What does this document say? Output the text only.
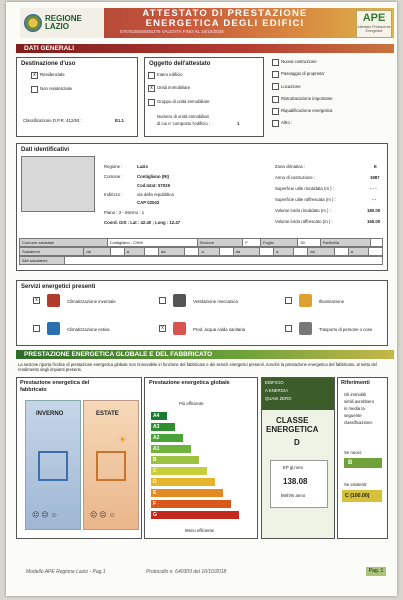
REGIONE
LAZIO
ATTESTATO DI PRESTAZIONE
ENERGETICA DEGLI EDIFICI
575762500000S276 VALIDITÀ FINO AL 16/10/2028
APE
Attestato Prestazione Energetica
DATI GENERALI
Destinazione d'uso
x Residenziale
Non residenziale
Classificazione D.P.R. 412/93 :	E1.1
Oggetto dell'attestato
Intero edificio
x Unità immobiliare
Gruppo di unità immobiliare
Numero di unità immobiliari
di cui e' composto l'edificio :	1
Nuova costruzione
Passaggio di proprieta'
Locazione
Ristrutturazione importante
Riqualificazione energetica
Altro :
Dati identificativi
Regione :	Lazio
Comune :	Contigliano (RI)
Cod.Istat: 57025
Indirizzo :	via della repubblica
CAP 02043
Piano : 3 - Interno : 1
Coord. GIS : Lat : 42.40 ; Long : 12.47
Zona climatica :	E
Anno di costruzione :	1987
Superficie utile riscaldata (m ) :	- - -
Superficie utile raffrescata (m ) :	- -
Volume lordo riscaldato (m ) :	180.00
Volume lordo raffrescato (m ) :	165.00
Comune catastale	Contigliano - C969	Sezione	F	Foglio	30	Particella	
Subalterni	da		a		da		a		da		a		da		a	
Altri subalterni	
Servizi energetici presenti
x	Climatizzazione invernale
Climatizzazione estiva
Ventilazione meccanica
x	Prod. acqua calda sanitaria
Illuminazione
Trasporto di persone o cose
PRESTAZIONE ENERGETICA GLOBALE E DEL FABBRICATO
La sezione riporta l'indice di prestazione energetica globale non rinnovabile in funzione del fabbricato e dei servizi energetici presenti, nonché la prestazione energetica del fabbricato, al netto del rendimento degli impianti presenti.
Prestazione energetica del
fabbricato
INVERNO
☹ ☹ ☺
ESTATE
☀
☹ ☹ ☺
Prestazione energetica globale
Più efficiente
A4
A3
A2
A1
B
C
D
E
F
G
Meno efficiente
EDIFICIO
A ENERGIA
QUASI ZERO
CLASSE
ENERGETICA
D
EP gl,nren
138.08
kWh/m anno
Riferimenti
Gli immobili
simili avrebbero
in media la
seguente
classificazione:
Se nuovi:
B
Se esistenti:
C (100.00)
Modello APE Regione Lazio - Pag.1	Protocollo n. 640309 del 16/10/2018	Pag. 1
